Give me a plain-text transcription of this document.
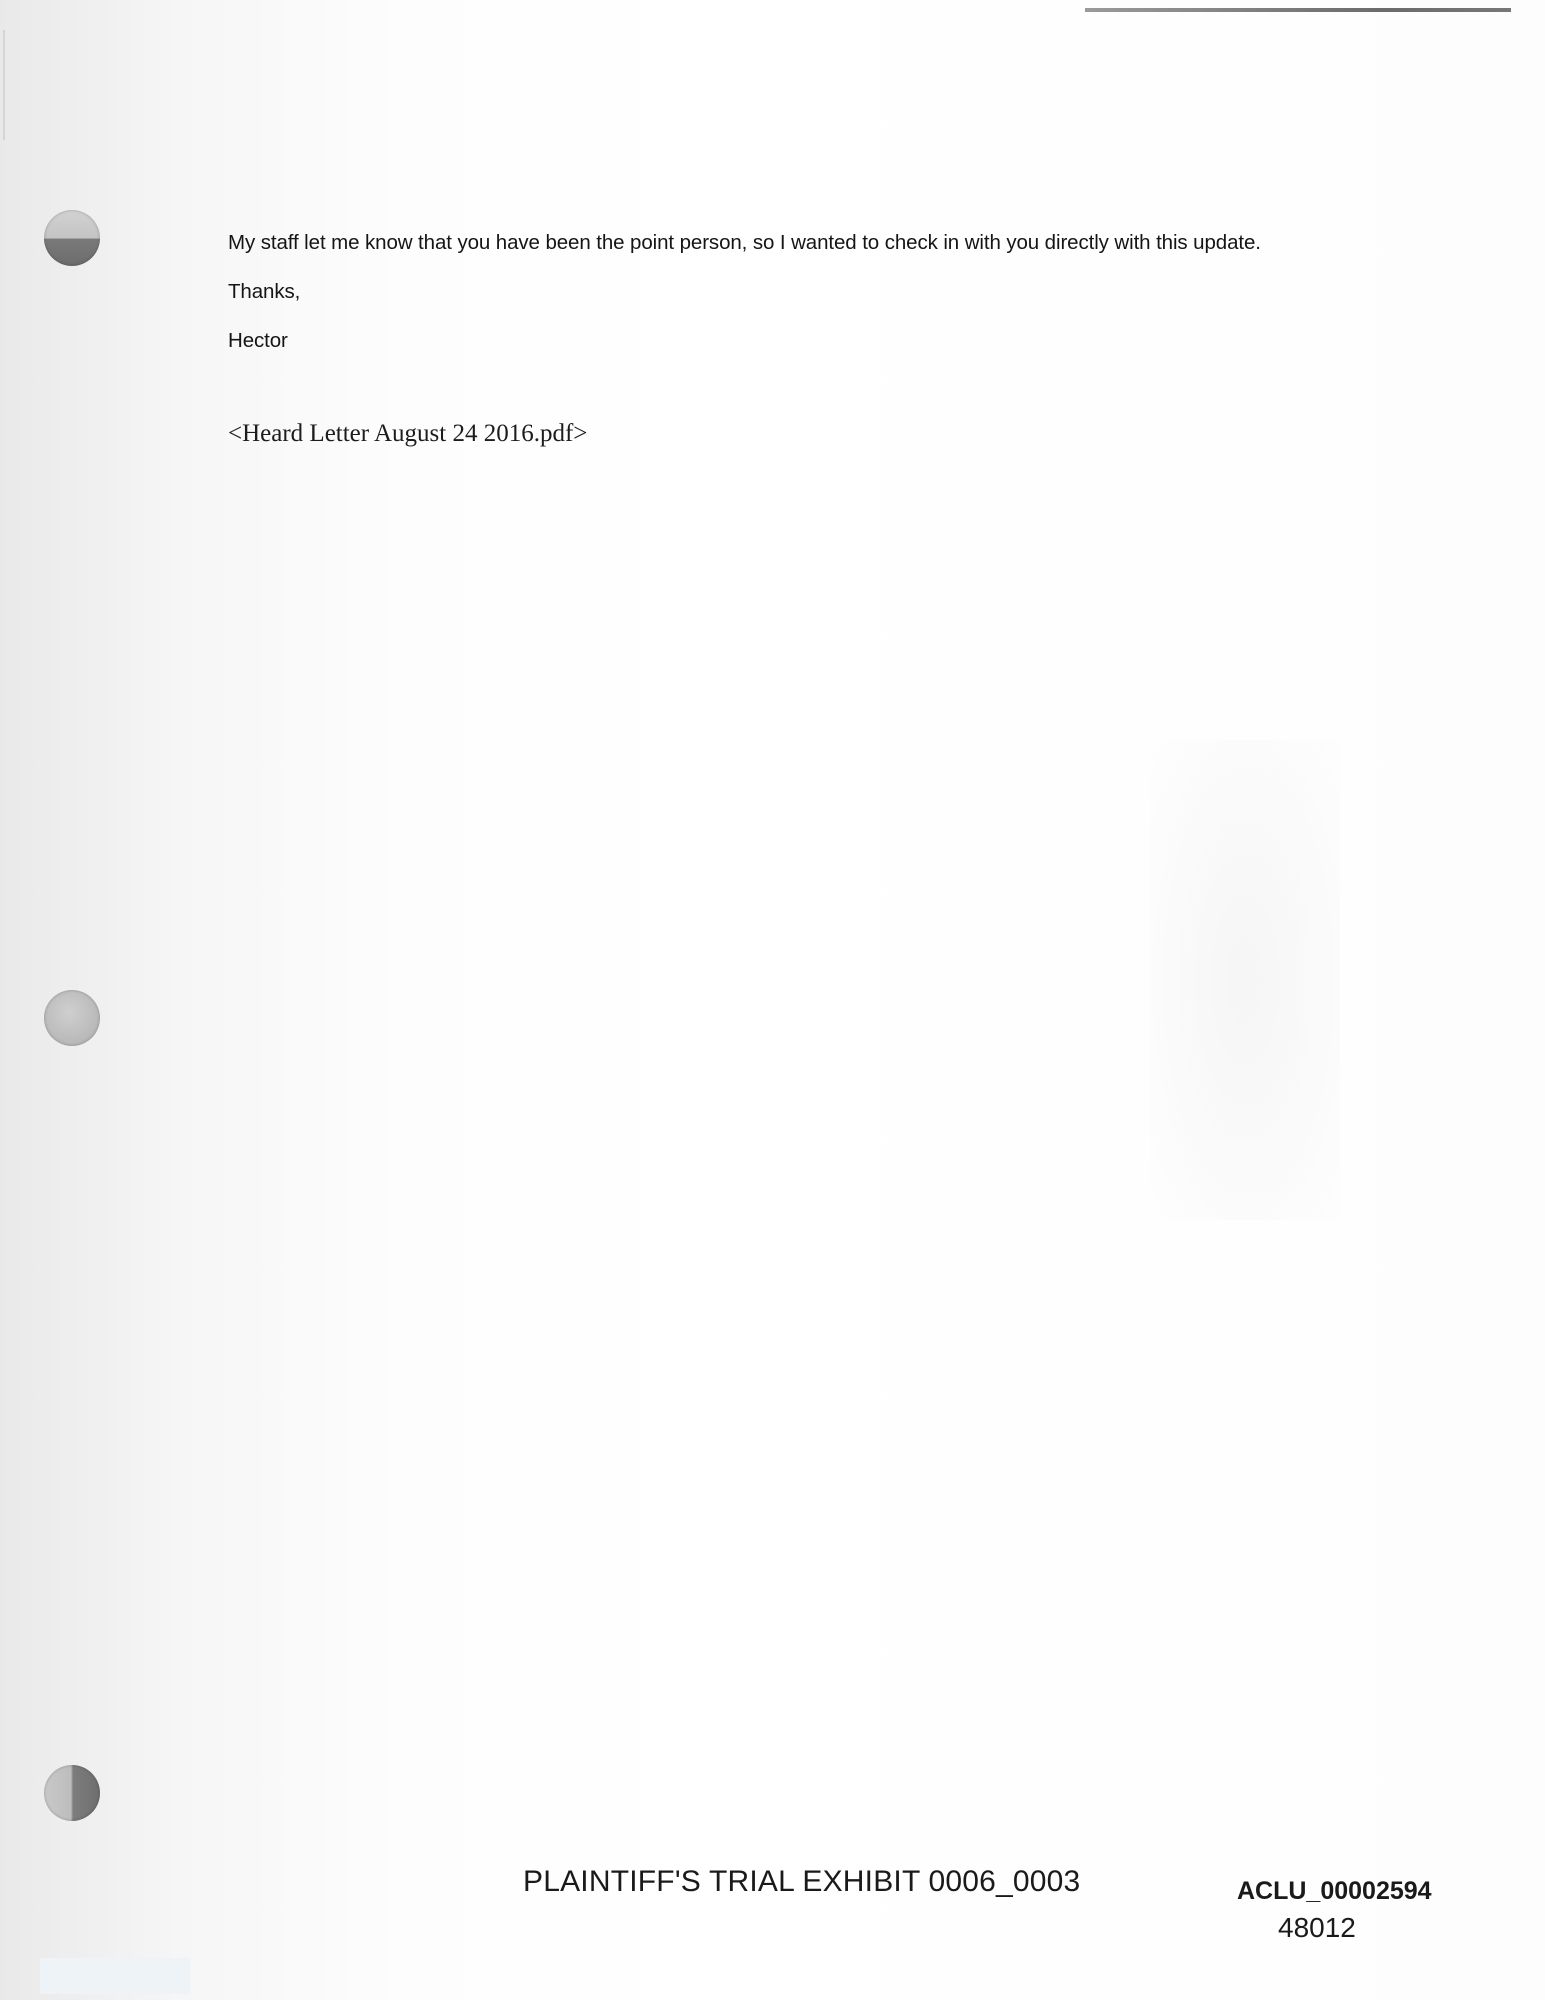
My staff let me know that you have been the point person, so I wanted to check in with you directly with this update.
Thanks,
Hector
<Heard Letter August 24 2016.pdf>
PLAINTIFF'S TRIAL EXHIBIT 0006_0003	ACLU_00002594
48012
